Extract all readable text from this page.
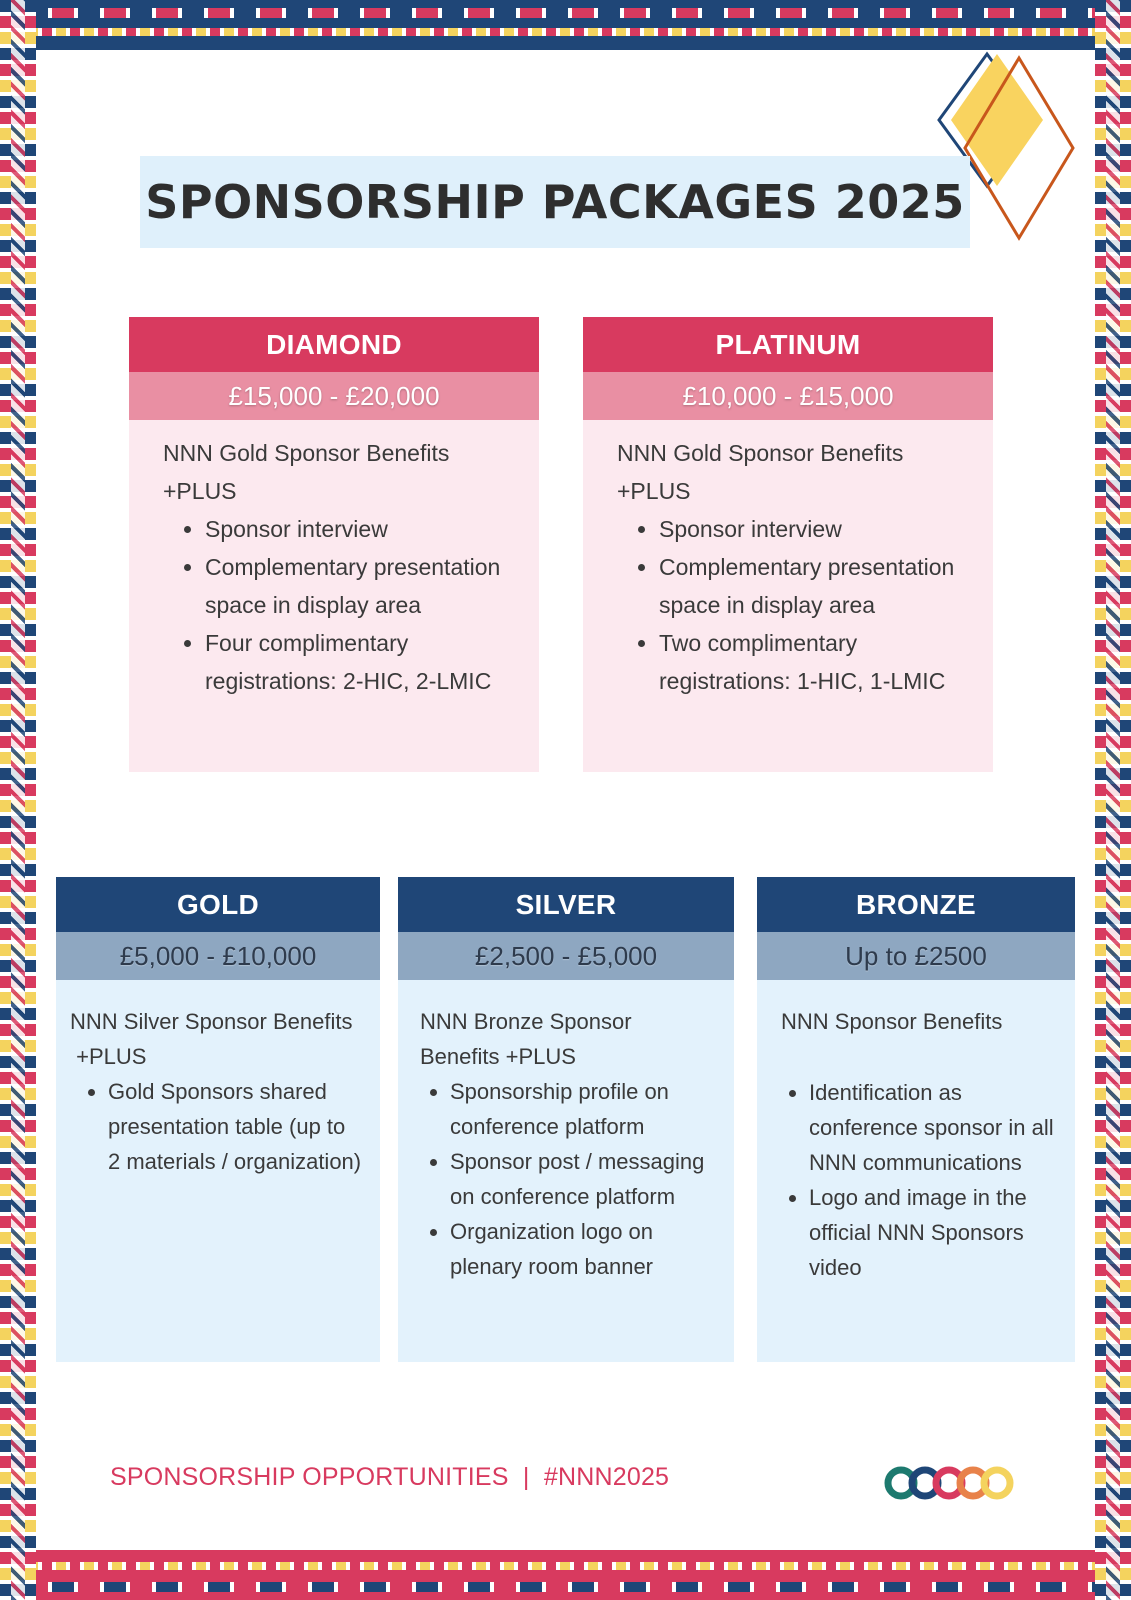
SPONSORSHIP PACKAGES 2025
DIAMOND
£15,000 - £20,000

NNN Gold Sponsor Benefits

+PLUS

• Sponsor interview
• Complementary presentation space in display area
• Four complimentary registrations: 2-HIC, 2-LMIC
PLATINUM
£10,000 - £15,000

NNN Gold Sponsor Benefits

+PLUS

• Sponsor interview
• Complementary presentation space in display area
• Two complimentary registrations: 1-HIC, 1-LMIC
GOLD
£5,000 - £10,000

NNN Silver Sponsor Benefits

+PLUS

• Gold Sponsors shared presentation table (up to 2 materials / organization)
SILVER
£2,500 - £5,000

NNN Bronze Sponsor Benefits +PLUS

• Sponsorship profile on conference platform
• Sponsor post / messaging on conference platform
• Organization logo on plenary room banner
BRONZE
Up to £2500

NNN Sponsor Benefits

• Identification as conference sponsor in all NNN communications
• Logo and image in the official NNN Sponsors video
SPONSORSHIP OPPORTUNITIES  |  #NNN2025
